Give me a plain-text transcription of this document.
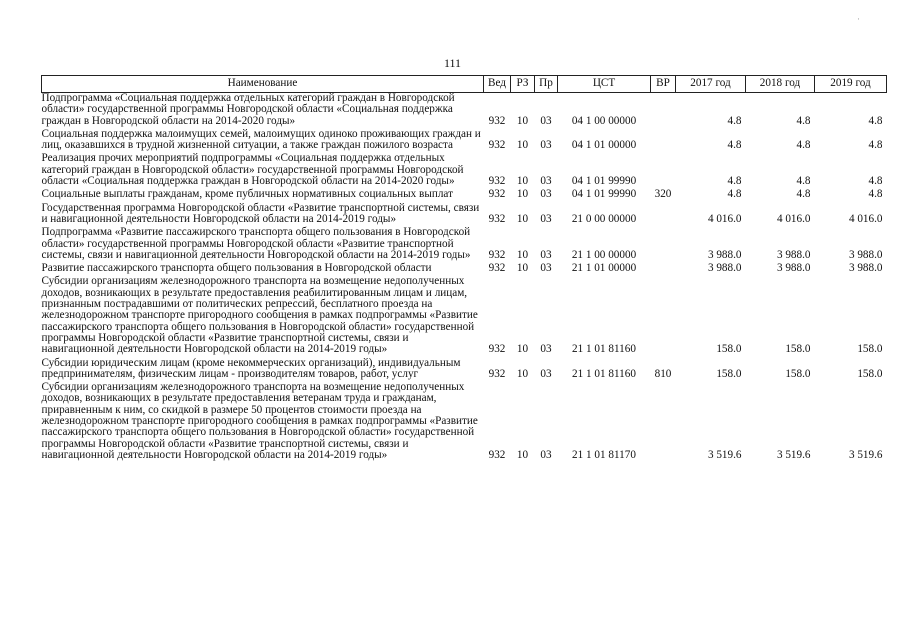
111
·
Наименование	Вед	РЗ	Пр	ЦСТ	ВР	2017 год	2018 год	2019 год
Подпрограмма «Социальная поддержка отдельных категорий граждан в Новгородской области» государственной программы Новгородской области «Социальная поддержка граждан в Новгородской области на 2014-2020 годы»	932	10	03	04 1 00 00000		4.8	4.8	4.8
Социальная поддержка малоимущих семей, малоимущих одиноко проживающих граждан и лиц, оказавшихся в трудной жизненной ситуации, а также граждан пожилого возраста	932	10	03	04 1 01 00000		4.8	4.8	4.8
Реализация прочих мероприятий подпрограммы «Социальная поддержка отдельных категорий граждан в Новгородской области» государственной программы Новгородской области «Социальная поддержка граждан в Новгородской области на 2014-2020 годы»	932	10	03	04 1 01 99990		4.8	4.8	4.8
Социальные выплаты гражданам, кроме публичных нормативных социальных выплат	932	10	03	04 1 01 99990	320	4.8	4.8	4.8
Государственная программа Новгородской области «Развитие транспортной системы, связи и навигационной деятельности Новгородской области на 2014-2019 годы»	932	10	03	21 0 00 00000		4 016.0	4 016.0	4 016.0
Подпрограмма «Развитие пассажирского транспорта общего пользования в Новгородской области» государственной программы Новгородской области «Развитие транспортной системы, связи и навигационной деятельности Новгородской области на 2014-2019 годы»	932	10	03	21 1 00 00000		3 988.0	3 988.0	3 988.0
Развитие пассажирского транспорта общего пользования в Новгородской области	932	10	03	21 1 01 00000		3 988.0	3 988.0	3 988.0
Субсидии организациям железнодорожного транспорта на возмещение недополученных доходов, возникающих в результате предоставления реабилитированным лицам и лицам, признанным пострадавшими от политических репрессий, бесплатного проезда на железнодорожном транспорте пригородного сообщения в рамках подпрограммы «Развитие пассажирского транспорта общего пользования в Новгородской области» государственной программы Новгородской области «Развитие транспортной системы, связи и навигационной деятельности Новгородской области на 2014-2019 годы»	932	10	03	21 1 01 81160		158.0	158.0	158.0
Субсидии юридическим лицам (кроме некоммерческих организаций), индивидуальным предпринимателям, физическим лицам - производителям товаров, работ, услуг	932	10	03	21 1 01 81160	810	158.0	158.0	158.0
Субсидии организациям железнодорожного транспорта на возмещение недополученных доходов, возникающих в результате предоставления ветеранам труда и гражданам, приравненным к ним, со скидкой в размере 50 процентов стоимости проезда на железнодорожном транспорте пригородного сообщения в рамках подпрограммы «Развитие пассажирского транспорта общего пользования в Новгородской области» государственной программы Новгородской области «Развитие транспортной системы, связи и навигационной деятельности Новгородской области на 2014-2019 годы»	932	10	03	21 1 01 81170		3 519.6	3 519.6	3 519.6
